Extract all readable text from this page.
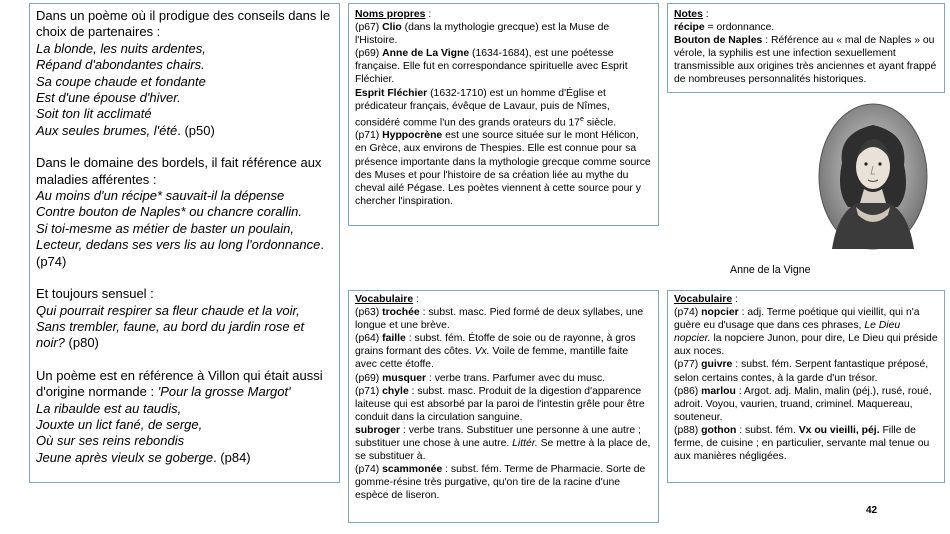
Dans un poème où il prodigue des conseils dans le choix de partenaires :
La blonde, les nuits ardentes,
Répand d'abondantes chairs.
Sa coupe chaude et fondante
Est d'une épouse d'hiver.
Soit ton lit acclimaté
Aux seules brumes, l'été. (p50)

Dans le domaine des bordels, il fait référence aux maladies afférentes :
Au moins d'un récipe* sauvait-il la dépense
Contre bouton de Naples* ou chancre corallin.
Si toi-mesme as métier de baster un poulain,
Lecteur, dedans ses vers lis au long l'ordonnance. (p74)

Et toujours sensuel :
Qui pourrait respirer sa fleur chaude et la voir,
Sans trembler, faune, au bord du jardin rose et noir? (p80)

Un poème est en référence à Villon qui était aussi d'origine normande : 'Pour la grosse Margot'
La ribaulde est au taudis,
Jouxte un lict fané, de serge,
Où sur ses reins rebondis
Jeune après vieulx se goberge. (p84)

Noms propres :

(p67) Clio (dans la mythologie grecque) est la Muse de l'Histoire.

(p69) Anne de La Vigne (1634-1684), est une poétesse française. Elle fut en correspondance spirituelle avec Esprit Fléchier.

Esprit Fléchier (1632-1710) est un homme d'Église et prédicateur français, évêque de Lavaur, puis de Nîmes, considéré comme l'un des grands orateurs du 17e siècle.

(p71) Hyppocrène est une source située sur le mont Hélicon, en Grèce, aux environs de Thespies. Elle est connue pour sa présence importante dans la mythologie grecque comme source des Muses et pour l'histoire de sa création liée au mythe du cheval ailé Pégase. Les poètes viennent à cette source pour y chercher l'inspiration.

Notes :

récipe = ordonnance.

Bouton de Naples : Référence au « mal de Naples » ou vérole, la syphilis est une infection sexuellement transmissible aux origines très anciennes et ayant frappé de nombreuses personnalités historiques.

Anne de la Vigne

Vocabulaire :

(p63) trochée : subst. masc. Pied formé de deux syllabes, une longue et une brève.

(p64) faille : subst. fém. Étoffe de soie ou de rayonne, à gros grains formant des côtes. Vx. Voile de femme, mantille faite avec cette étoffe.

(p69) musquer : verbe trans. Parfumer avec du musc.

(p71) chyle : subst. masc. Produit de la digestion d'apparence laiteuse qui est absorbé par la paroi de l'intestin grêle pour être conduit dans la circulation sanguine.

subroger : verbe trans. Substituer une personne à une autre ; substituer une chose à une autre. Littér. Se mettre à la place de, se substituer à.

(p74) scammonée : subst. fém. Terme de Pharmacie. Sorte de gomme-résine très purgative, qu'on tire de la racine d'une espèce de liseron.

Vocabulaire :

(p74) nopcier : adj. Terme poétique qui vieillit, qui n'a guère eu d'usage que dans ces phrases, Le Dieu nopcier. la nopciere Junon, pour dire, Le Dieu qui préside aux noces.

(p77) guivre : subst. fém. Serpent fantastique préposé, selon certains contes, à la garde d'un trésor.

(p86) marlou : Argot. adj. Malin, malin (péj.), rusé, roué, adroit. Voyou, vaurien, truand, criminel. Maquereau, souteneur.

(p88) gothon : subst. fém. Vx ou vieilli, péj. Fille de ferme, de cuisine ; en particulier, servante mal tenue ou aux manières négligées.

42
